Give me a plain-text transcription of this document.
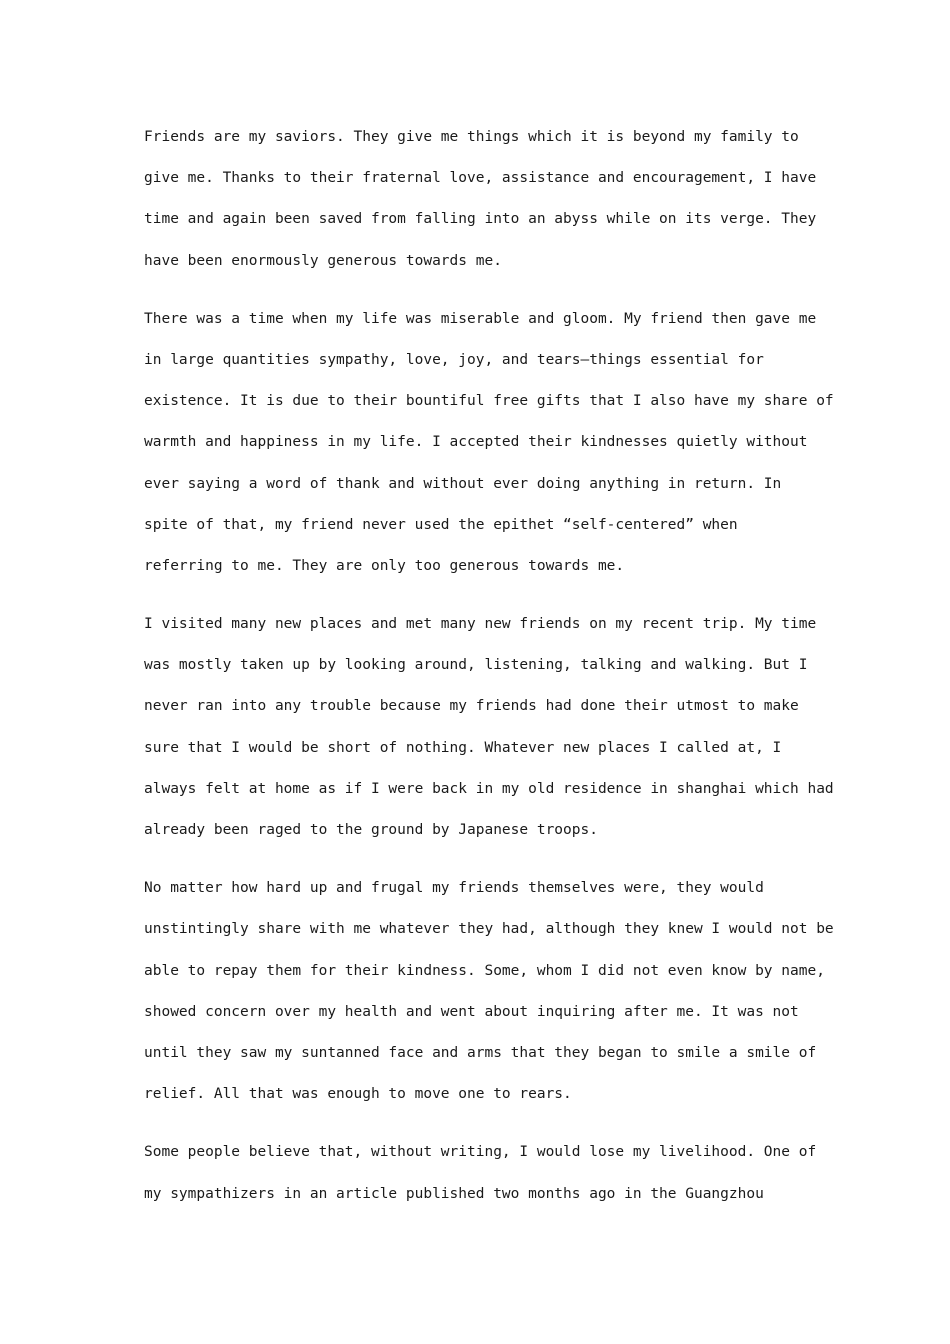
Friends are my saviors. They give me things which it is beyond my family to
give me. Thanks to their fraternal love, assistance and encouragement, I have
time and again been saved from falling into an abyss while on its verge. They
have been enormously generous towards me.
There was a time when my life was miserable and gloom. My friend then gave me
in large quantities sympathy, love, joy, and tears—things essential for
existence. It is due to their bountiful free gifts that I also have my share of
warmth and happiness in my life. I accepted their kindnesses quietly without
ever saying a word of thank and without ever doing anything in return. In
spite of that, my friend never used the epithet “self-centered” when
referring to me. They are only too generous towards me.
I visited many new places and met many new friends on my recent trip. My time
was mostly taken up by looking around, listening, talking and walking. But I
never ran into any trouble because my friends had done their utmost to make
sure that I would be short of nothing. Whatever new places I called at, I
always felt at home as if I were back in my old residence in shanghai which had
already been raged to the ground by Japanese troops.
No matter how hard up and frugal my friends themselves were, they would
unstintingly share with me whatever they had, although they knew I would not be
able to repay them for their kindness. Some, whom I did not even know by name,
showed concern over my health and went about inquiring after me. It was not
until they saw my suntanned face and arms that they began to smile a smile of
relief. All that was enough to move one to rears.
Some people believe that, without writing, I would lose my livelihood. One of
my sympathizers in an article published two months ago in the Guangzhou
